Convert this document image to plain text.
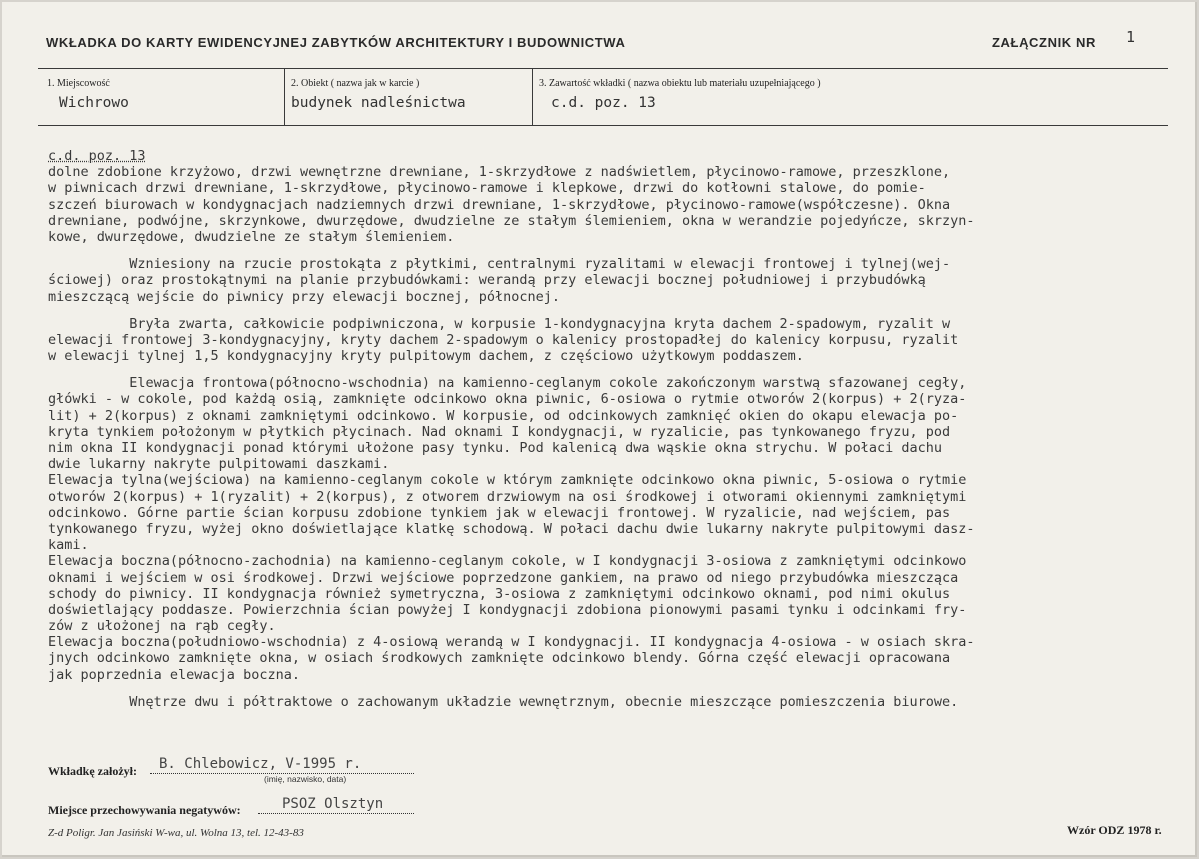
WKŁADKA DO KARTY EWIDENCYJNEJ ZABYTKÓW ARCHITEKTURY I BUDOWNICTWA	ZAŁĄCZNIK NR 1
1. Miejscowość
Wichrowo
2. Obiekt ( nazwa jak w karcie )
budynek nadleśnictwa
3. Zawartość wkładki ( nazwa obiektu lub materiału uzupełniającego )
c.d. poz. 13
c.d. poz. 13
dolne zdobione krzyżowo, drzwi wewnętrzne drewniane, 1-skrzydłowe z nadświetlem, płycinowo-ramowe, przeszklone,
w piwnicach drzwi drewniane, 1-skrzydłowe, płycinowo-ramowe i klepkowe, drzwi do kotłowni stalowe, do pomie-
szczeń biurowach w kondygnacjach nadziemnych drzwi drewniane, 1-skrzydłowe, płycinowo-ramowe(współczesne). Okna
drewniane, podwójne, skrzynkowe, dwurzędowe, dwudzielne ze stałym ślemieniem, okna w werandzie pojedyńcze, skrzyn-
kowe, dwurzędowe, dwudzielne ze stałym ślemieniem.
Wzniesiony na rzucie prostokąta z płytkimi, centralnymi ryzalitami w elewacji frontowej i tylnej(wej-
ściowej) oraz prostokątnymi na planie przybudówkami: werandą przy elewacji bocznej południowej i przybudówką
mieszczącą wejście do piwnicy przy elewacji bocznej, północnej.
Bryła zwarta, całkowicie podpiwniczona, w korpusie 1-kondygnacyjna kryta dachem 2-spadowym, ryzalit w
elewacji frontowej 3-kondygnacyjny, kryty dachem 2-spadowym o kalenicy prostopadłej do kalenicy korpusu, ryzalit
w elewacji tylnej 1,5 kondygnacyjny kryty pulpitowym dachem, z częściowo użytkowym poddaszem.
Elewacja frontowa(północno-wschodnia) na kamienno-ceglanym cokole zakończonym warstwą sfazowanej cegły,
główki - w cokole, pod każdą osią, zamknięte odcinkowo okna piwnic, 6-osiowa o rytmie otworów 2(korpus) + 2(ryza-
lit) + 2(korpus) z oknami zamkniętymi odcinkowo. W korpusie, od odcinkowych zamknięć okien do okapu elewacja po-
kryta tynkiem położonym w płytkich płycinach. Nad oknami I kondygnacji, w ryzalicie, pas tynkowanego fryzu, pod
nim okna II kondygnacji ponad którymi ułożone pasy tynku. Pod kalenicą dwa wąskie okna strychu. W połaci dachu
dwie lukarny nakryte pulpitowami daszkami.
Elewacja tylna(wejściowa) na kamienno-ceglanym cokole w którym zamknięte odcinkowo okna piwnic, 5-osiowa o rytmie
otworów 2(korpus) + 1(ryzalit) + 2(korpus), z otworem drzwiowym na osi środkowej i otworami okiennymi zamkniętymi
odcinkowo. Górne partie ścian korpusu zdobione tynkiem jak w elewacji frontowej. W ryzalicie, nad wejściem, pas
tynkowanego fryzu, wyżej okno doświetlające klatkę schodową. W połaci dachu dwie lukarny nakryte pulpitowymi dasz-
kami.
Elewacja boczna(północno-zachodnia) na kamienno-ceglanym cokole, w I kondygnacji 3-osiowa z zamkniętymi odcinkowo
oknami i wejściem w osi środkowej. Drzwi wejściowe poprzedzone gankiem, na prawo od niego przybudówka mieszcząca
schody do piwnicy. II kondygnacja również symetryczna, 3-osiowa z zamkniętymi odcinkowo oknami, pod nimi okulus
doświetlający poddasze. Powierzchnia ścian powyżej I kondygnacji zdobiona pionowymi pasami tynku i odcinkami fry-
zów z ułożonej na rąb cegły.
Elewacja boczna(południowo-wschodnia) z 4-osiową werandą w I kondygnacji. II kondygnacja 4-osiowa - w osiach skra-
jnych odcinkowo zamknięte okna, w osiach środkowych zamknięte odcinkowo blendy. Górna część elewacji opracowana
jak poprzednia elewacja boczna.
Wnętrze dwu i półtraktowe o zachowanym układzie wewnętrznym, obecnie mieszczące pomieszczenia biurowe.
Wkładkę założył: B. Chlebowicz, V-1995 r.
(imię, nazwisko, data)
Miejsce przechowywania negatywów:	PSOZ Olsztyn
Z-d Poligr. Jan Jasiński W-wa, ul. Wolna 13, tel. 12-43-83	Wzór ODZ 1978 r.
